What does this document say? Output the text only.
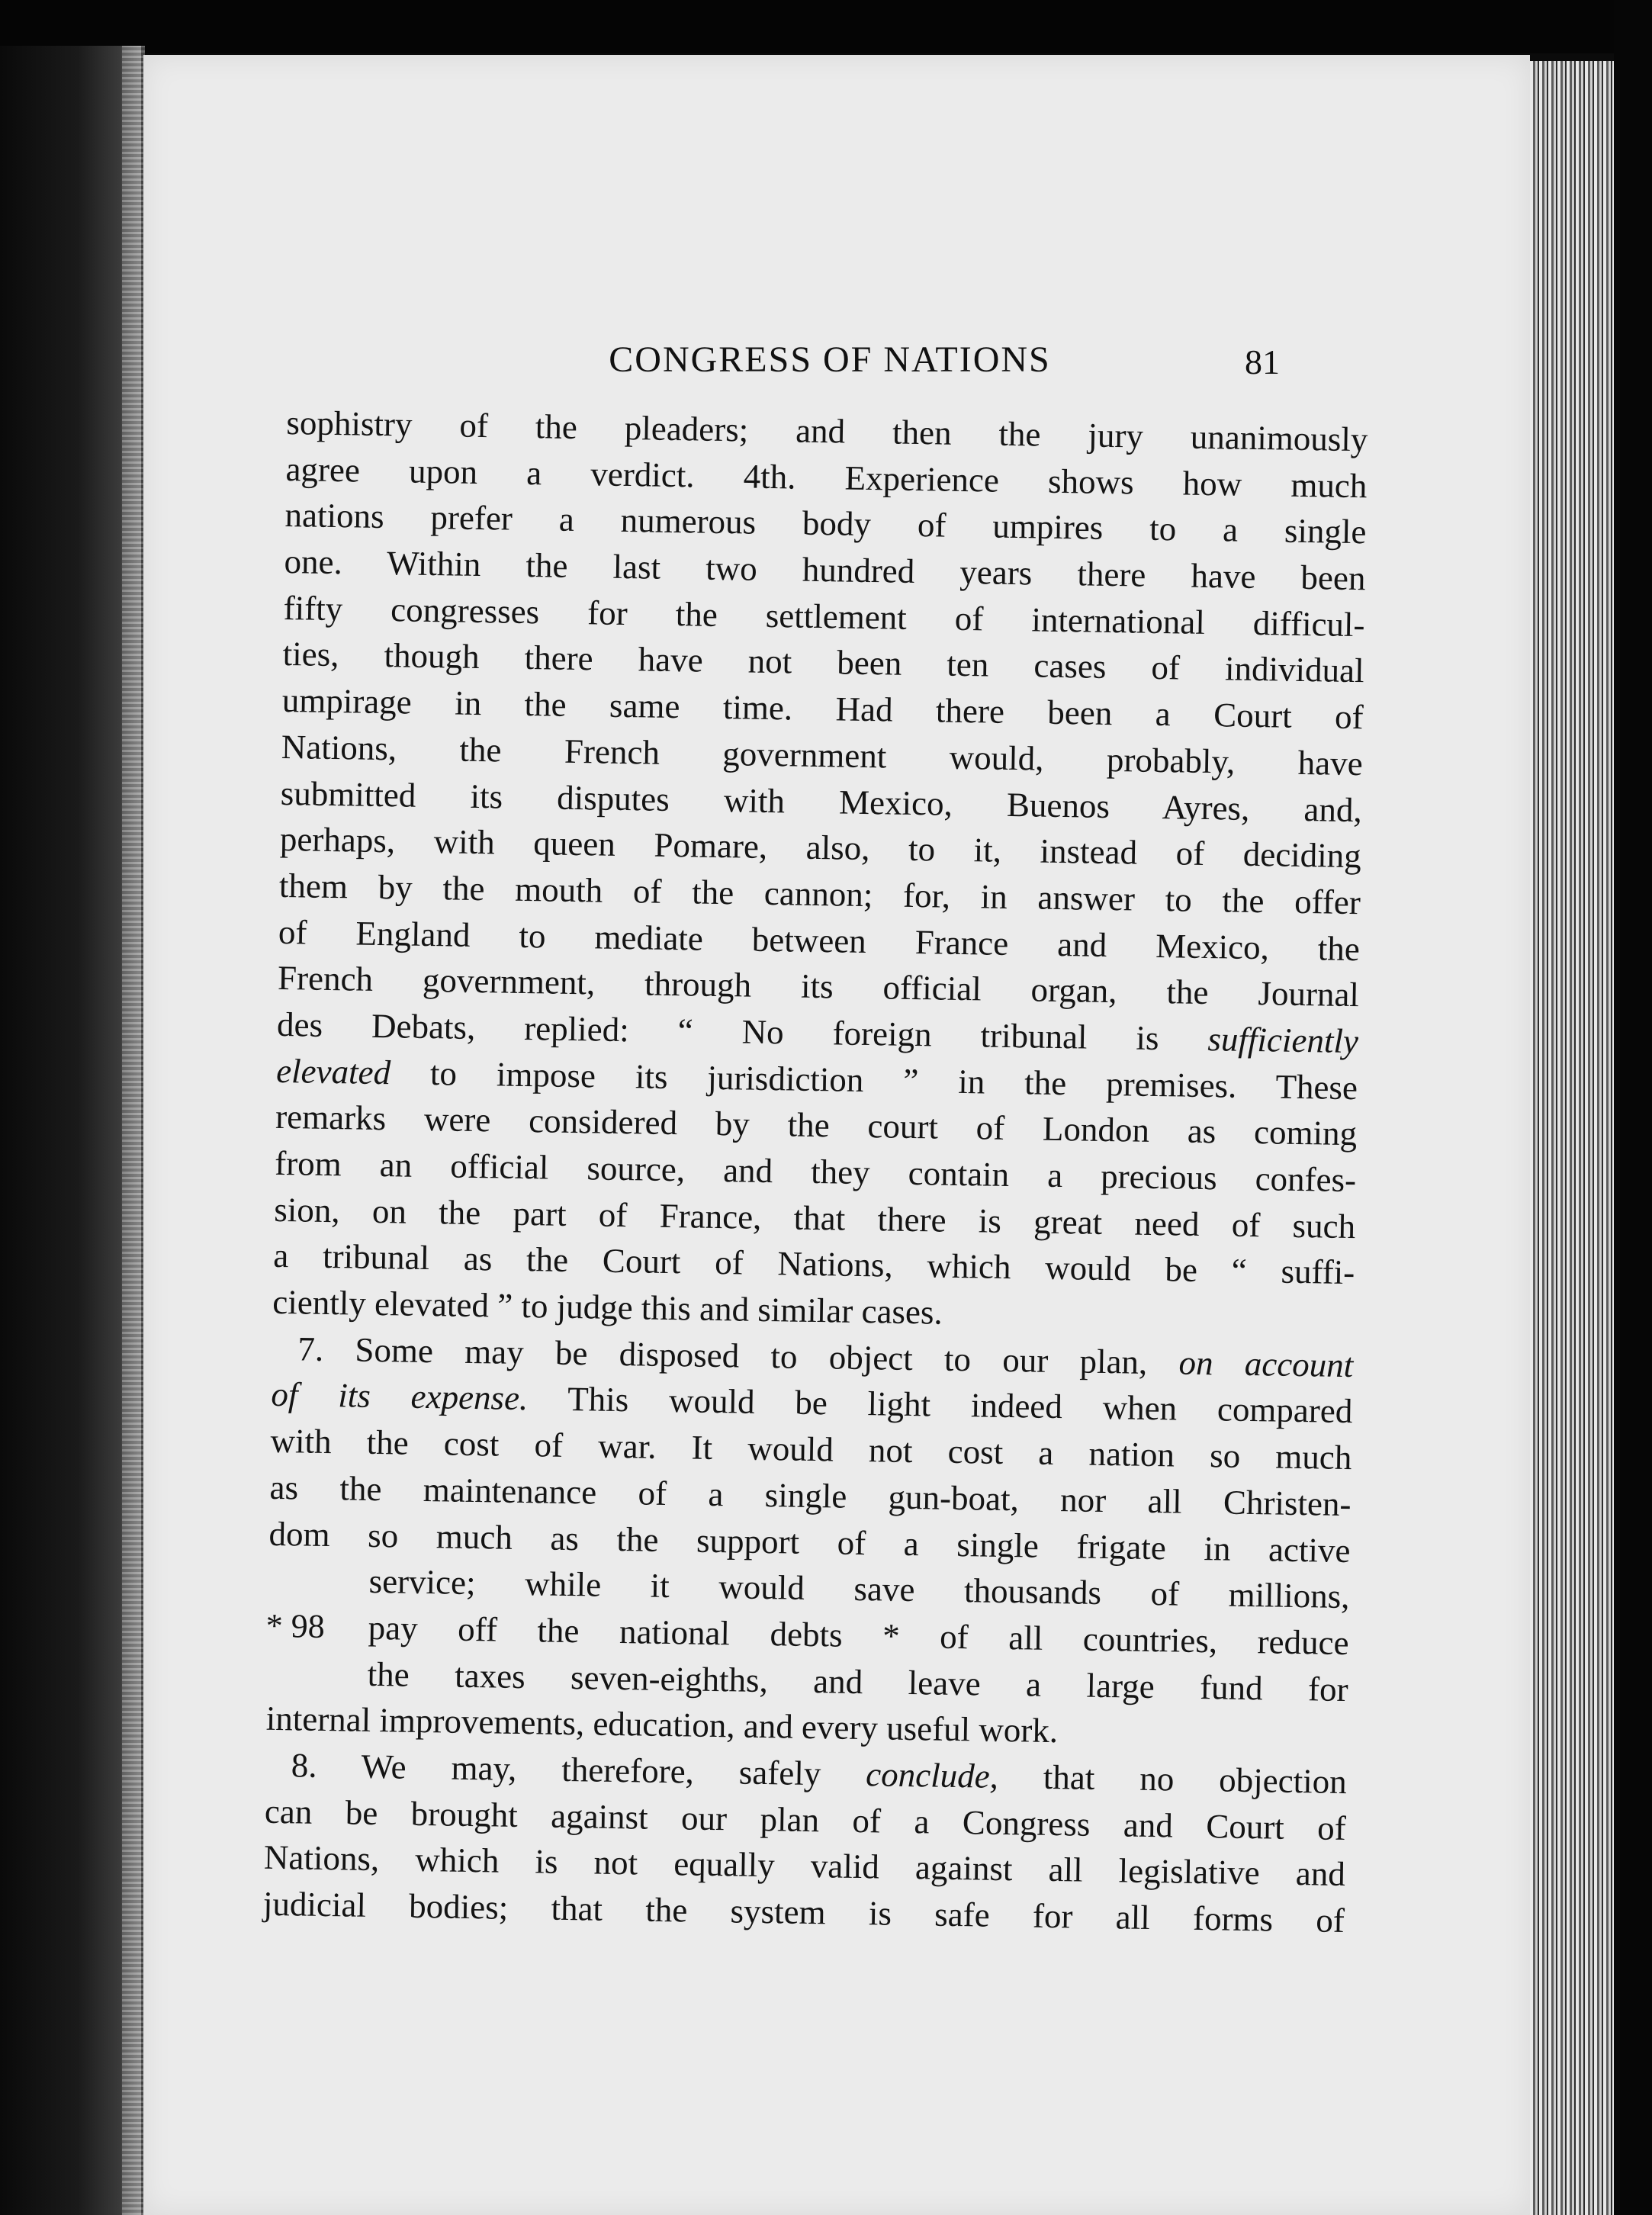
CONGRESS OF NATIONS	81
sophistry of the pleaders; and then the jury unanimously
agree upon a verdict. 4th. Experience shows how much
nations prefer a numerous body of umpires to a single
one. Within the last two hundred years there have been
fifty congresses for the settlement of international difficul-
ties, though there have not been ten cases of individual
umpirage in the same time. Had there been a Court of
Nations, the French government would, probably, have
submitted its disputes with Mexico, Buenos Ayres, and,
perhaps, with queen Pomare, also, to it, instead of deciding
them by the mouth of the cannon; for, in answer to the offer
of England to mediate between France and Mexico, the
French government, through its official organ, the Journal
des Debats, replied: “ No foreign tribunal is sufficiently
elevated to impose its jurisdiction ” in the premises. These
remarks were considered by the court of London as coming
from an official source, and they contain a precious confes-
sion, on the part of France, that there is great need of such
a tribunal as the Court of Nations, which would be “ suffi-
ciently elevated ” to judge this and similar cases.
7. Some may be disposed to object to our plan, on account
of its expense. This would be light indeed when compared
with the cost of war. It would not cost a nation so much
as the maintenance of a single gun-boat, nor all Christen-
dom so much as the support of a single frigate in active
service; while it would save thousands of millions,
* 98	pay off the national debts * of all countries, reduce
the taxes seven-eighths, and leave a large fund for
internal improvements, education, and every useful work.
8. We may, therefore, safely conclude, that no objection
can be brought against our plan of a Congress and Court of
Nations, which is not equally valid against all legislative and
judicial bodies; that the system is safe for all forms of
